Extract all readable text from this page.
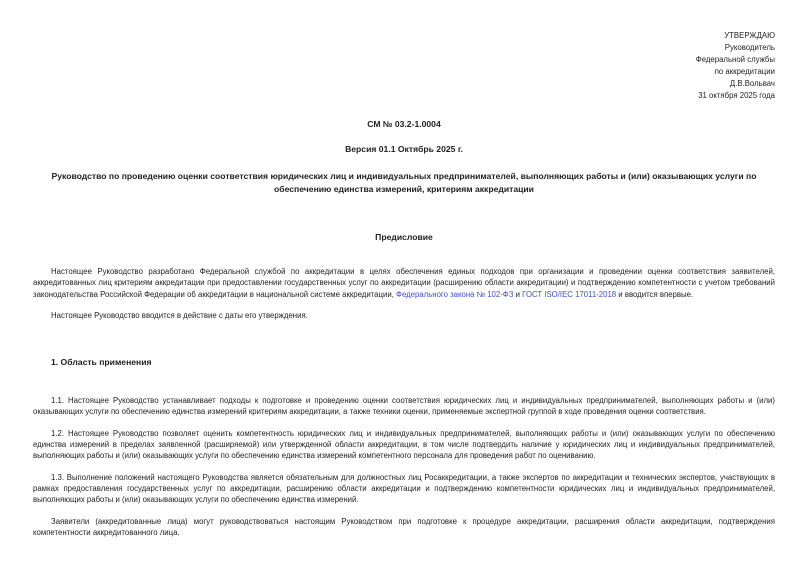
УТВЕРЖДАЮ
Руководитель
Федеральной службы
по аккредитации
Д.В.Вольвач
31 октября 2025 года
СМ № 03.2-1.0004
Версия 01.1 Октябрь 2025 г.
Руководство по проведению оценки соответствия юридических лиц и индивидуальных предпринимателей, выполняющих работы и (или) оказывающих услуги по обеспечению единства измерений, критериям аккредитации
Предисловие

Настоящее Руководство разработано Федеральной службой по аккредитации в целях обеспечения единых подходов при организации и проведении оценки соответствия заявителей, аккредитованных лиц критериям аккредитации при предоставлении государственных услуг по аккредитации (расширению области аккредитации) и подтверждению компетентности с учетом требований законодательства Российской Федерации об аккредитации в национальной системе аккредитации, Федерального закона № 102-ФЗ и ГОСТ ISO/IEC 17011-2018 и вводится впервые.

Настоящее Руководство вводится в действие с даты его утверждения.

1. Область применения

1.1. Настоящее Руководство устанавливает подходы к подготовке и проведению оценки соответствия юридических лиц и индивидуальных предпринимателей, выполняющих работы и (или) оказывающих услуги по обеспечению единства измерений критериям аккредитации, а также техники оценки, применяемые экспертной группой в ходе проведения оценки соответствия.

1.2. Настоящее Руководство позволяет оценить компетентность юридических лиц и индивидуальных предпринимателей, выполняющих работы и (или) оказывающих услуги по обеспечению единства измерений в пределах заявленной (расширяемой) или утвержденной области аккредитации, в том числе подтвердить наличие у юридических лиц и индивидуальных предпринимателей, выполняющих работы и (или) оказывающих услуги по обеспечению единства измерений компетентного персонала для проведения работ по оцениванию.

1.3. Выполнение положений настоящего Руководства является обязательным для должностных лиц Росаккредитации, а также экспертов по аккредитации и технических экспертов, участвующих в рамках предоставления государственных услуг по аккредитации, расширению области аккредитации и подтверждению компетентности юридических лиц и индивидуальных предпринимателей, выполняющих работы и (или) оказывающих услуги по обеспечению единства измерений.

Заявители (аккредитованные лица) могут руководствоваться настоящим Руководством при подготовке к процедуре аккредитации, расширения области аккредитации, подтверждения компетентности аккредитованного лица.
